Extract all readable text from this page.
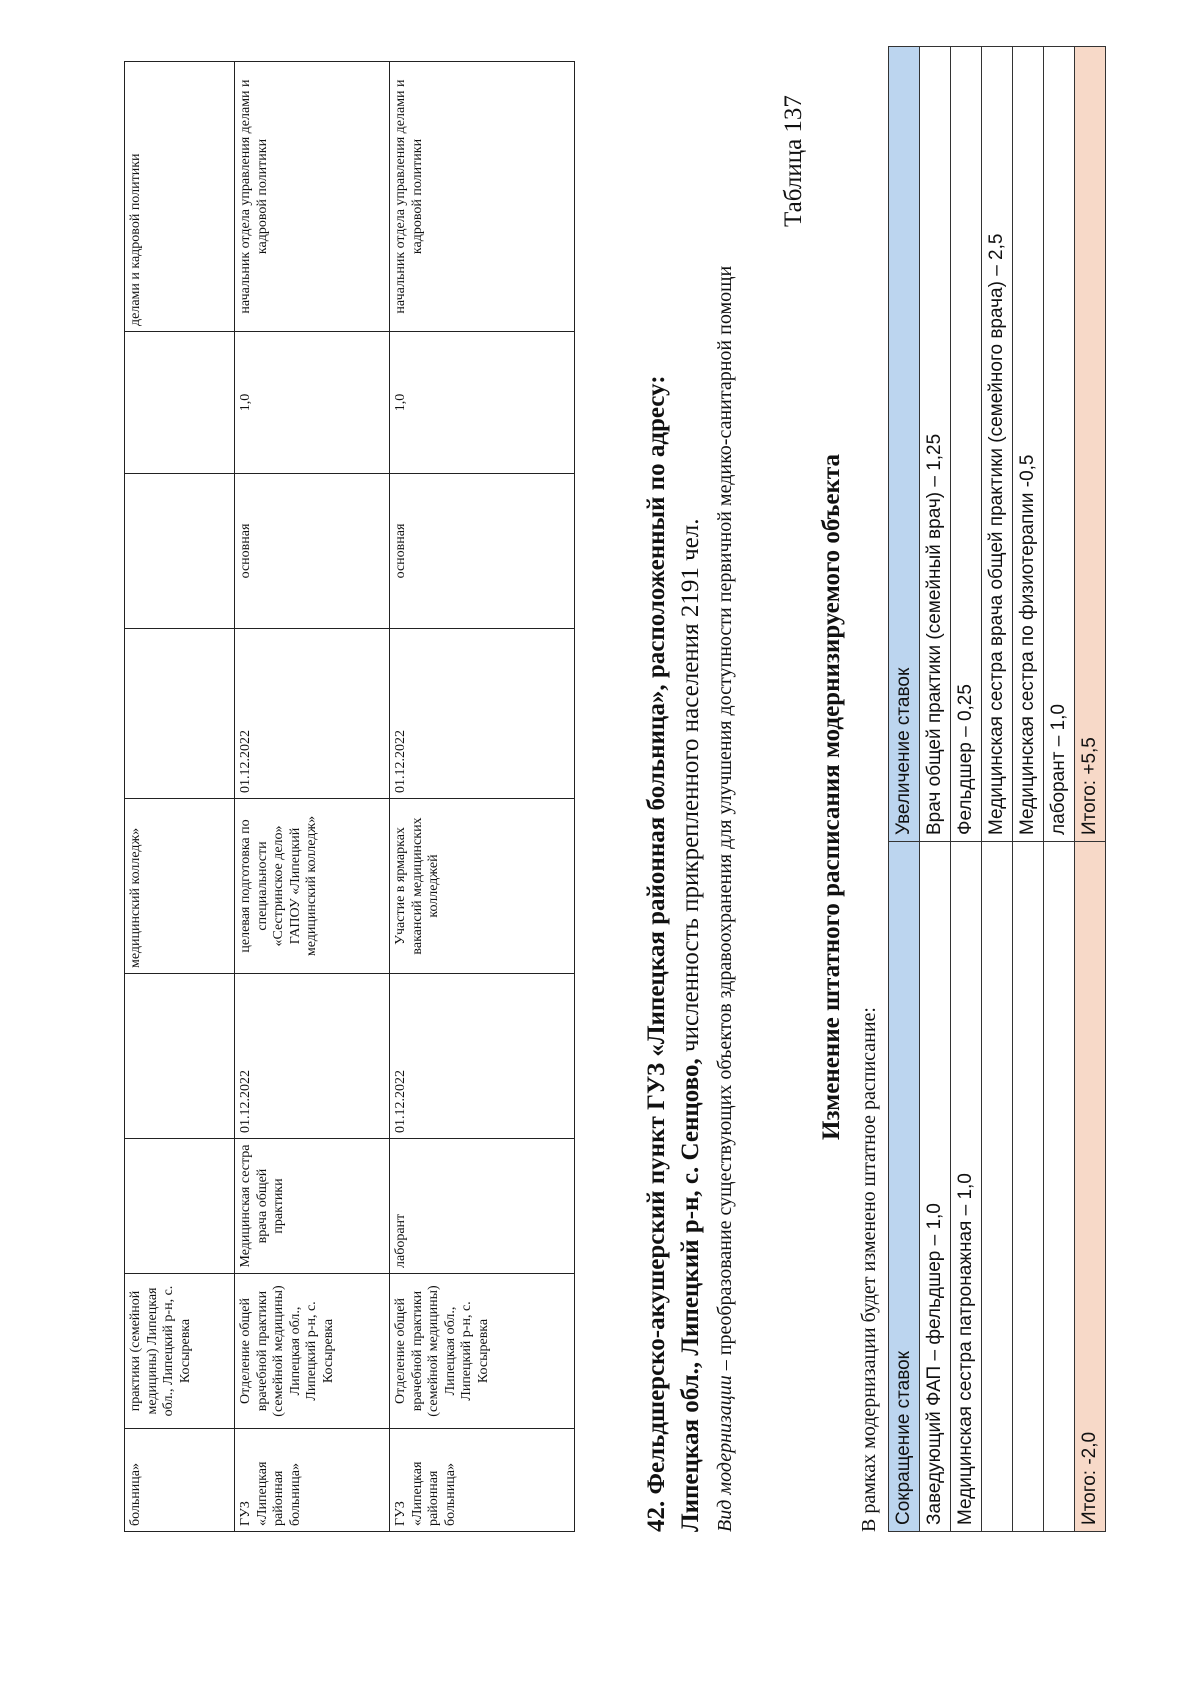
больница»	практики (семейной медицины) Липецкая обл., Липецкий р-н, с. Косыревка			медицинский колледж»				делами и кадровой политики
ГУЗ «Липецкая районная больница»	Отделение общей врачебной практики (семейной медицины) Липецкая обл., Липецкий р-н, с. Косыревка	Медицинская сестра врача общей практики	01.12.2022	целевая подготовка по специальности «Сестринское дело» ГАПОУ «Липецкий медицинский колледж»	01.12.2022	основная	1,0	начальник отдела управления делами и кадровой политики
ГУЗ «Липецкая районная больница»	Отделение общей врачебной практики (семейной медицины) Липецкая обл., Липецкий р-н, с. Косыревка	лаборант	01.12.2022	Участие в ярмарках вакансий медицинских колледжей	01.12.2022	основная	1,0	начальник отдела управления делами и кадровой политики
42. Фельдшерско-акушерский пункт ГУЗ «Липецкая районная больница», расположенный по адресу: Липецкая обл., Липецкий р-н, с. Сенцово, численность прикрепленного населения 2191 чел.
Вид модернизации – преобразование существующих объектов здравоохранения для улучшения доступности первичной медико-санитарной помощи
Таблица 137
Изменение штатного расписания модернизируемого объекта
В рамках модернизации будет изменено штатное расписание: Сокращение ставок	Увеличение ставок
Заведующий ФАП – фельдшер – 1,0	Врач общей практики (семейный врач) – 1,25
Медицинская сестра патронажная – 1,0	Фельдшер – 0,25
	Медицинская сестра врача общей практики (семейного врача) – 2,5
	Медицинская сестра по физиотерапии -0,5
	лаборант – 1,0
Итого: -2,0	Итого: +5,5
